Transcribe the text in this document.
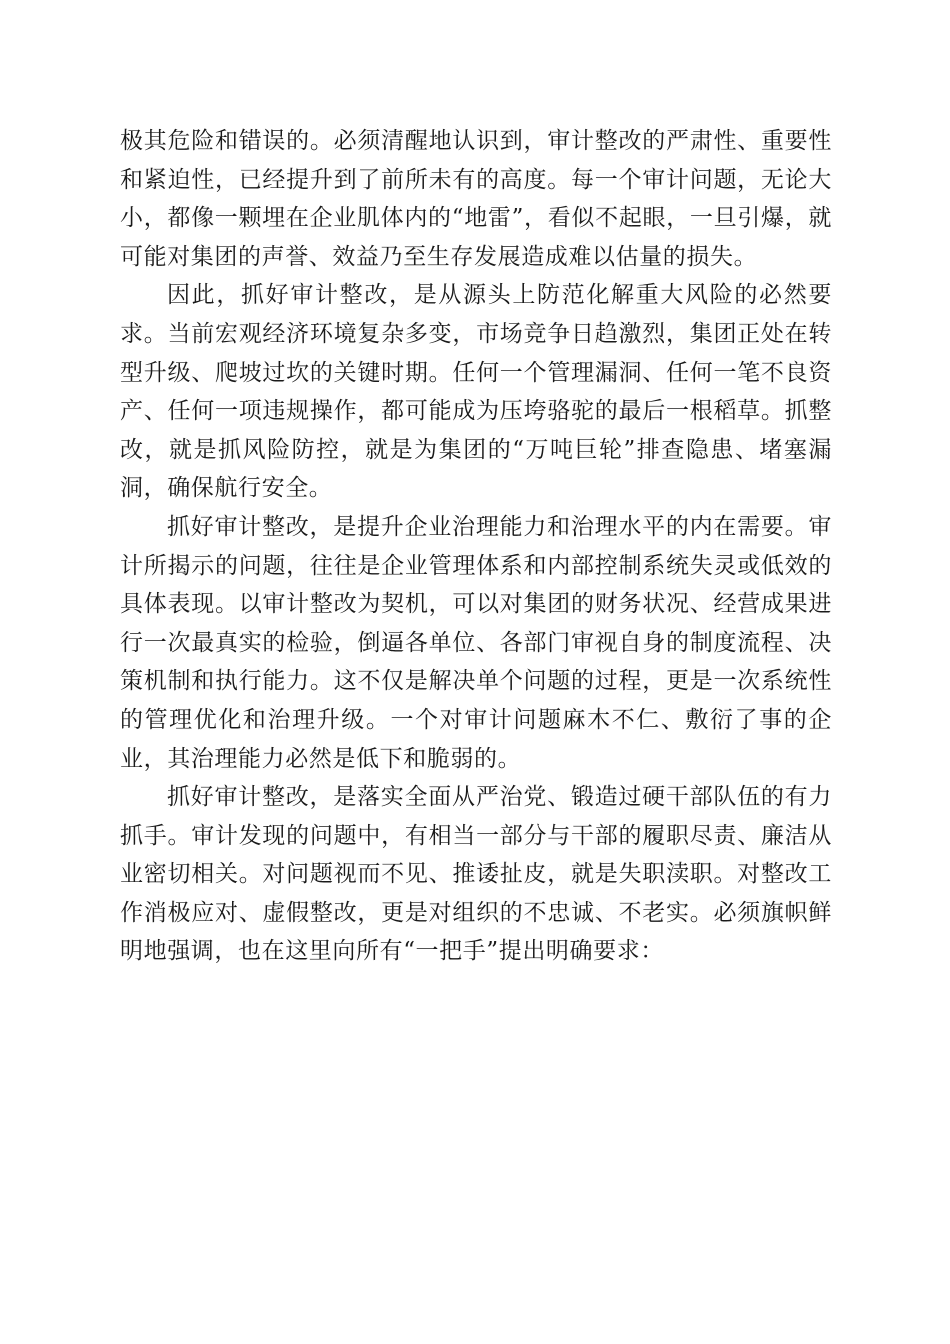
极其危险和错误的。必须清醒地认识到，审计整改的严肃性、重要性和紧迫性，已经提升到了前所未有的高度。每一个审计问题，无论大小，都像一颗埋在企业肌体内的“地雷”，看似不起眼，一旦引爆，就可能对集团的声誉、效益乃至生存发展造成难以估量的损失。

因此，抓好审计整改，是从源头上防范化解重大风险的必然要求。当前宏观经济环境复杂多变，市场竞争日趋激烈，集团正处在转型升级、爬坡过坎的关键时期。任何一个管理漏洞、任何一笔不良资产、任何一项违规操作，都可能成为压垮骆驼的最后一根稻草。抓整改，就是抓风险防控，就是为集团的“万吨巨轮”排查隐患、堵塞漏洞，确保航行安全。

抓好审计整改，是提升企业治理能力和治理水平的内在需要。审计所揭示的问题，往往是企业管理体系和内部控制系统失灵或低效的具体表现。以审计整改为契机，可以对集团的财务状况、经营成果进行一次最真实的检验，倒逼各单位、各部门审视自身的制度流程、决策机制和执行能力。这不仅是解决单个问题的过程，更是一次系统性的管理优化和治理升级。一个对审计问题麻木不仁、敷衍了事的企业，其治理能力必然是低下和脆弱的。

抓好审计整改，是落实全面从严治党、锻造过硬干部队伍的有力抓手。审计发现的问题中，有相当一部分与干部的履职尽责、廉洁从业密切相关。对问题视而不见、推诿扯皮，就是失职渎职。对整改工作消极应对、虚假整改，更是对组织的不忠诚、不老实。必须旗帜鲜明地强调，也在这里向所有“一把手”提出明确要求：
